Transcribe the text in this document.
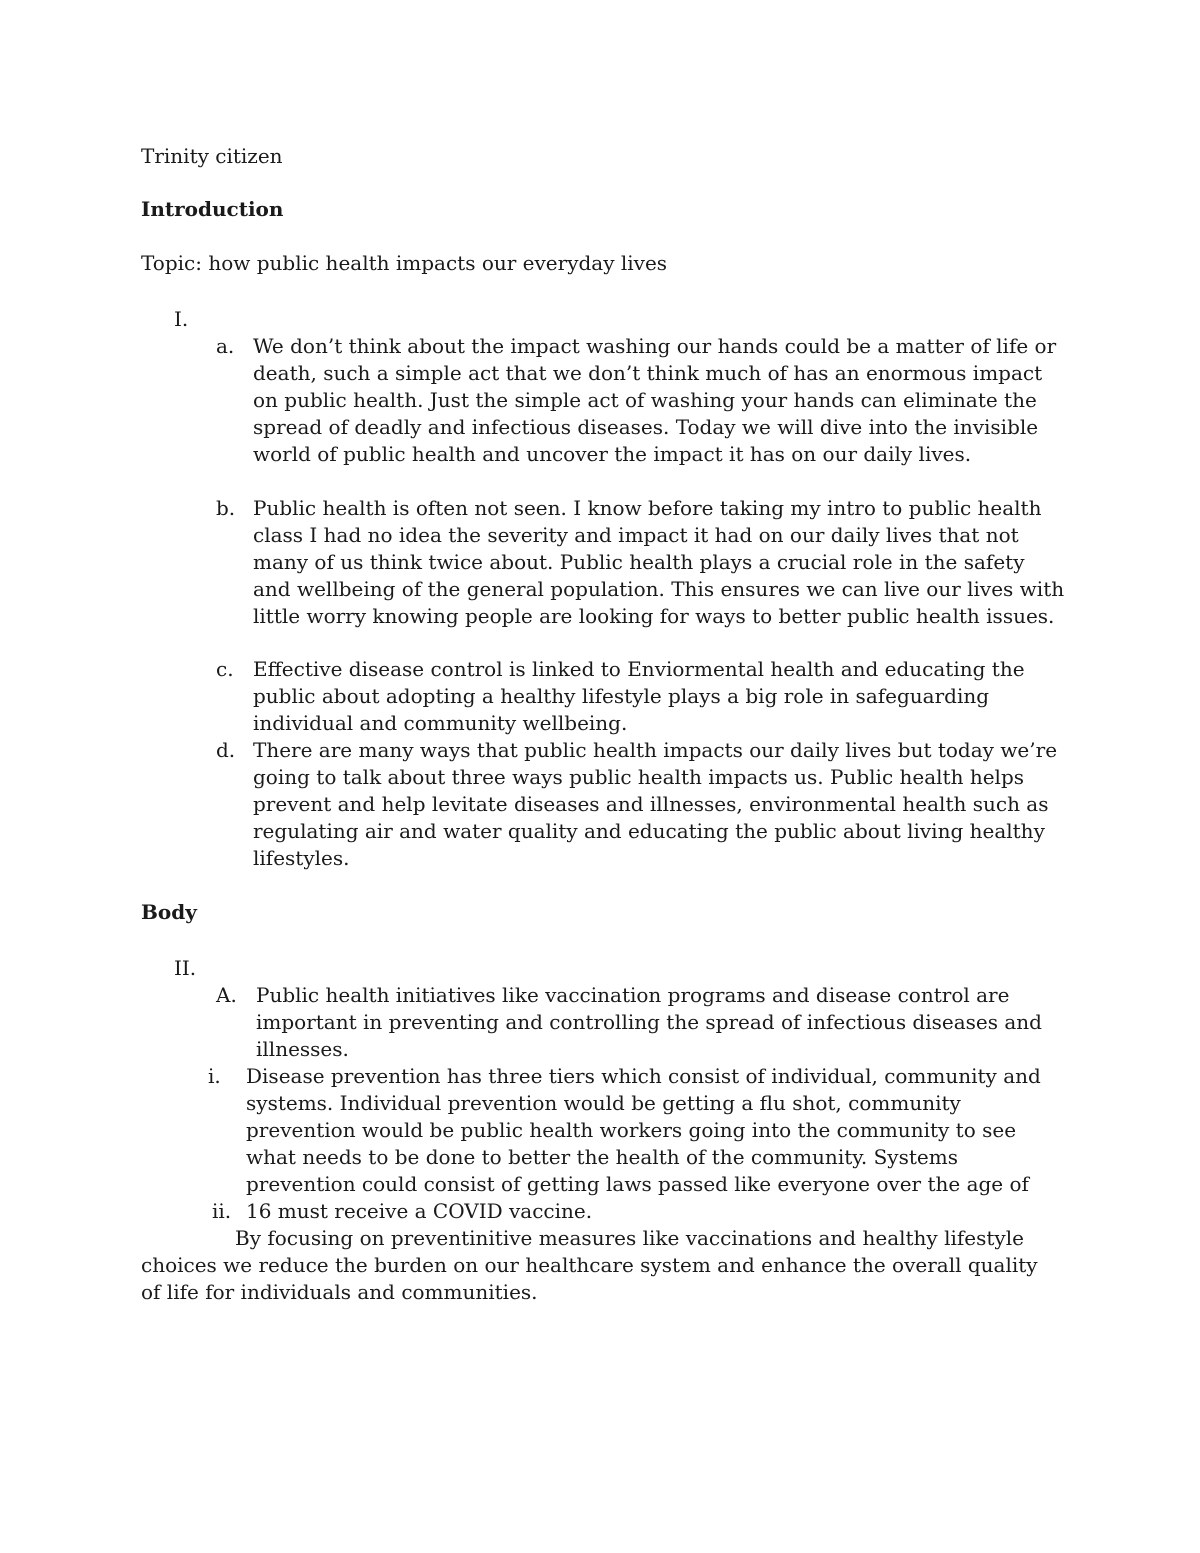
Trinity citizen

Introduction

Topic: how public health impacts our everyday lives

I.

a. We don’t think about the impact washing our hands could be a matter of life or death, such a simple act that we don’t think much of has an enormous impact on public health. Just the simple act of washing your hands can eliminate the spread of deadly and infectious diseases. Today we will dive into the invisible world of public health and uncover the impact it has on our daily lives.
b. Public health is often not seen. I know before taking my intro to public health class I had no idea the severity and impact it had on our daily lives that not many of us think twice about. Public health plays a crucial role in the safety and wellbeing of the general population. This ensures we can live our lives with little worry knowing people are looking for ways to better public health issues.
c. Effective disease control is linked to Enviormental health and educating the public about adopting a healthy lifestyle plays a big role in safeguarding individual and community wellbeing.
d. There are many ways that public health impacts our daily lives but today we’re going to talk about three ways public health impacts us. Public health helps prevent and help levitate diseases and illnesses, environmental health such as regulating air and water quality and educating the public about living healthy lifestyles.

Body

II.

A. Public health initiatives like vaccination programs and disease control are important in preventing and controlling the spread of infectious diseases and illnesses.
i. Disease prevention has three tiers which consist of individual, community and systems. Individual prevention would be getting a flu shot, community prevention would be public health workers going into the community to see what needs to be done to better the health of the community. Systems prevention could consist of getting laws passed like everyone over the age of 16 must receive a COVID vaccine.
ii.

By focusing on preventinitive measures like vaccinations and healthy lifestyle choices we reduce the burden on our healthcare system and enhance the overall quality of life for individuals and communities.
